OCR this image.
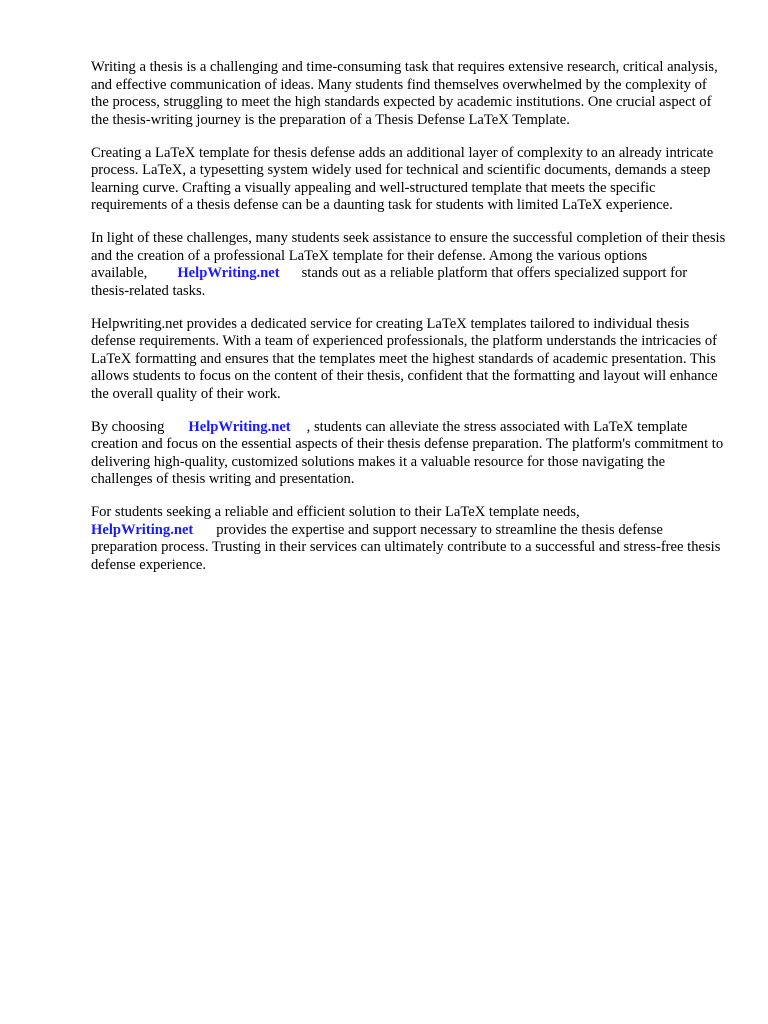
Writing a thesis is a challenging and time-consuming task that requires extensive research, critical analysis, and effective communication of ideas. Many students find themselves overwhelmed by the complexity of the process, struggling to meet the high standards expected by academic institutions. One crucial aspect of the thesis-writing journey is the preparation of a Thesis Defense LaTeX Template.

Creating a LaTeX template for thesis defense adds an additional layer of complexity to an already intricate process. LaTeX, a typesetting system widely used for technical and scientific documents, demands a steep learning curve. Crafting a visually appealing and well-structured template that meets the specific requirements of a thesis defense can be a daunting task for students with limited LaTeX experience.

In light of these challenges, many students seek assistance to ensure the successful completion of their thesis and the creation of a professional LaTeX template for their defense. Among the various options available, HelpWriting.net stands out as a reliable platform that offers specialized support for thesis-related tasks.

Helpwriting.net provides a dedicated service for creating LaTeX templates tailored to individual thesis defense requirements. With a team of experienced professionals, the platform understands the intricacies of LaTeX formatting and ensures that the templates meet the highest standards of academic presentation. This allows students to focus on the content of their thesis, confident that the formatting and layout will enhance the overall quality of their work.

By choosing HelpWriting.net , students can alleviate the stress associated with LaTeX template creation and focus on the essential aspects of their thesis defense preparation. The platform's commitment to delivering high-quality, customized solutions makes it a valuable resource for those navigating the challenges of thesis writing and presentation.

For students seeking a reliable and efficient solution to their LaTeX template needs, HelpWriting.net provides the expertise and support necessary to streamline the thesis defense preparation process. Trusting in their services can ultimately contribute to a successful and stress-free thesis defense experience.
